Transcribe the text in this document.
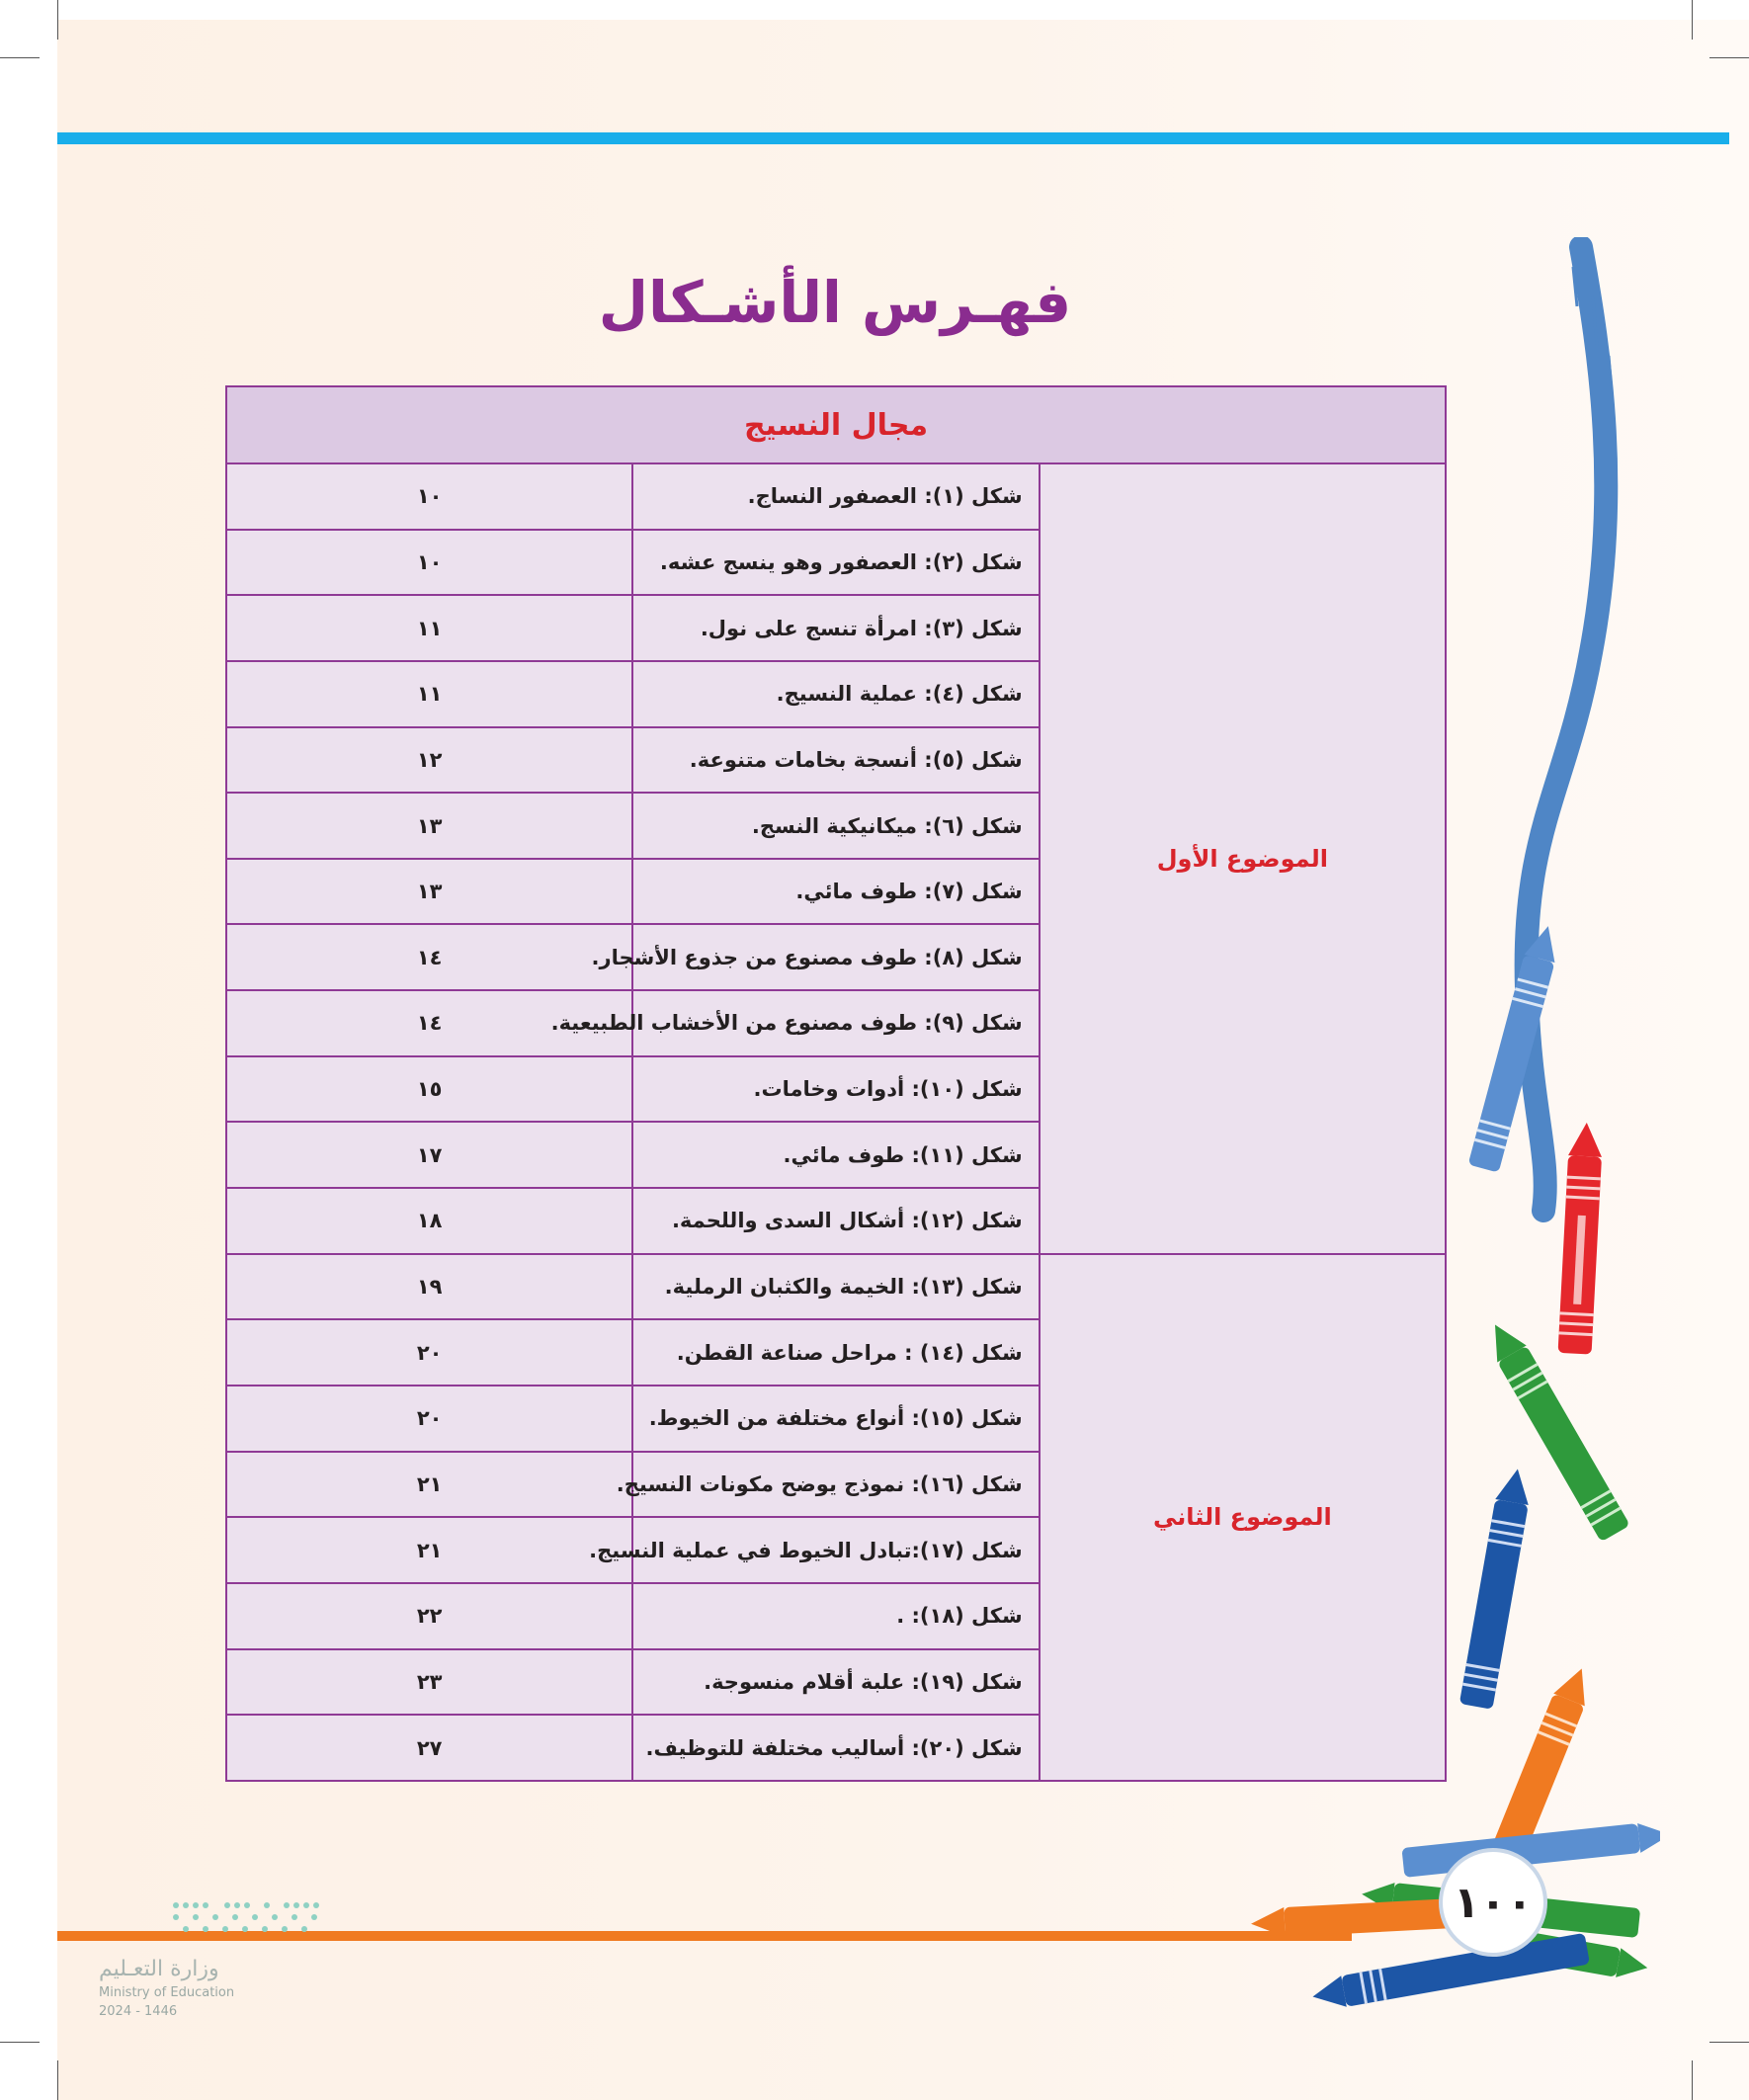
فهـرس الأشـكال
مجال النسيج		
الموضوع الأول	شكل (١): العصفور النساج.	١٠
	شكل (٢): العصفور وهو ينسج عشه.	١٠
	شكل (٣): امرأة تنسج على نول.	١١
	شكل (٤): عملية النسيج.	١١
	شكل (٥): أنسجة بخامات متنوعة.	١٢
	شكل (٦): ميكانيكية النسج.	١٣
	شكل (٧): طوف مائي.	١٣
	شكل (٨): طوف مصنوع من جذوع الأشجار.	١٤
	شكل (٩): طوف مصنوع من الأخشاب الطبيعية.	١٤
	شكل (١٠): أدوات وخامات.	١٥
	شكل (١١): طوف مائي.	١٧
	شكل (١٢): أشكال السدى واللحمة.	١٨
الموضوع الثاني	شكل (١٣): الخيمة والكثبان الرملية.	١٩
	شكل (١٤) : مراحل صناعة القطن.	٢٠
	شكل (١٥): أنواع مختلفة من الخيوط.	٢٠
	شكل (١٦): نموذج يوضح مكونات النسيج.	٢١
	شكل (١٧):تبادل الخيوط في عملية النسيج.	٢١
	شكل (١٨): .	٢٢
	شكل (١٩): علبة أقلام منسوجة.	٢٣
	شكل (٢٠): أساليب مختلفة للتوظيف.	٢٧
١٠٠
وزارة التعـليم
Ministry of Education
2024 - 1446
